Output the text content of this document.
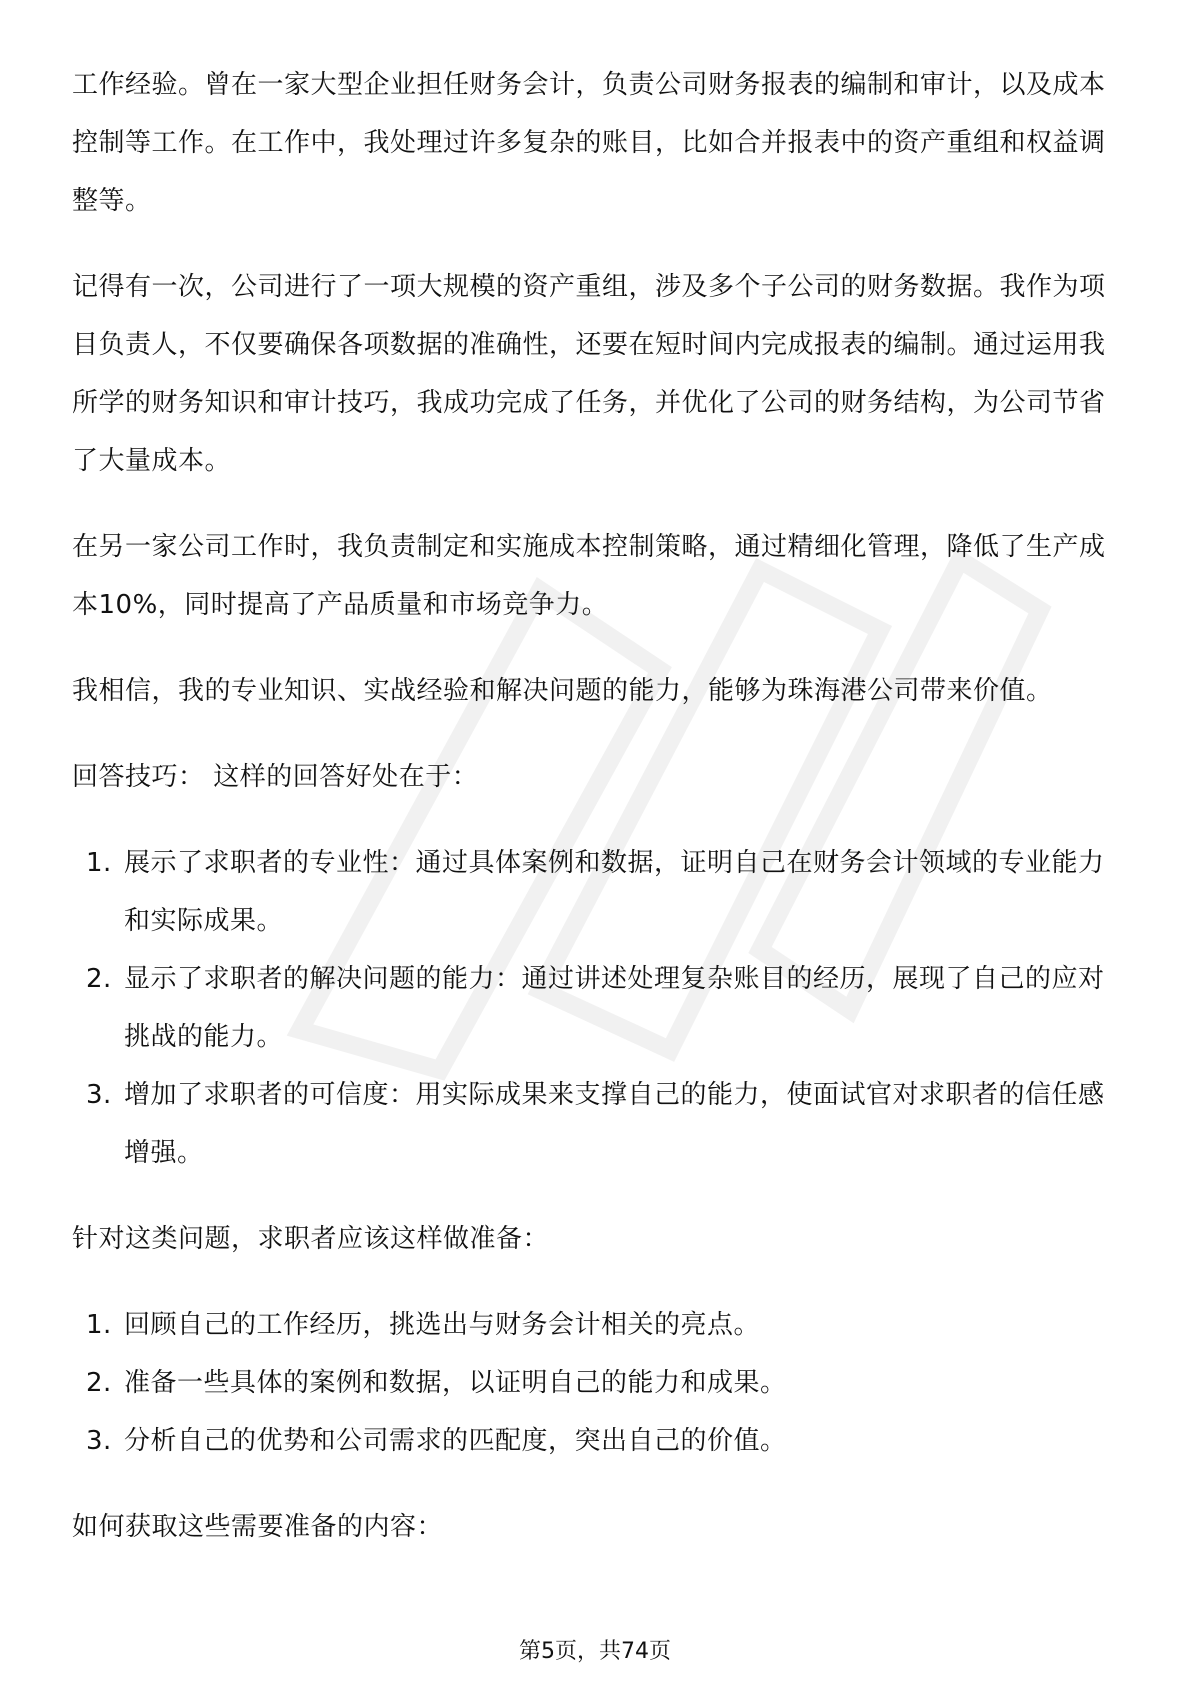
工作经验。曾在一家大型企业担任财务会计，负责公司财务报表的编制和审计，以及成本控制等工作。在工作中，我处理过许多复杂的账目，比如合并报表中的资产重组和权益调整等。

记得有一次，公司进行了一项大规模的资产重组，涉及多个子公司的财务数据。我作为项目负责人，不仅要确保各项数据的准确性，还要在短时间内完成报表的编制。通过运用我所学的财务知识和审计技巧，我成功完成了任务，并优化了公司的财务结构，为公司节省了大量成本。

在另一家公司工作时，我负责制定和实施成本控制策略，通过精细化管理，降低了生产成本10%，同时提高了产品质量和市场竞争力。

我相信，我的专业知识、实战经验和解决问题的能力，能够为珠海港公司带来价值。

回答技巧： 这样的回答好处在于：

1. 展示了求职者的专业性：通过具体案例和数据，证明自己在财务会计领域的专业能力和实际成果。
2. 显示了求职者的解决问题的能力：通过讲述处理复杂账目的经历，展现了自己的应对挑战的能力。
3. 增加了求职者的可信度：用实际成果来支撑自己的能力，使面试官对求职者的信任感增强。

针对这类问题，求职者应该这样做准备：

1. 回顾自己的工作经历，挑选出与财务会计相关的亮点。
2. 准备一些具体的案例和数据，以证明自己的能力和成果。
3. 分析自己的优势和公司需求的匹配度，突出自己的价值。

如何获取这些需要准备的内容：

第5页，共74页
